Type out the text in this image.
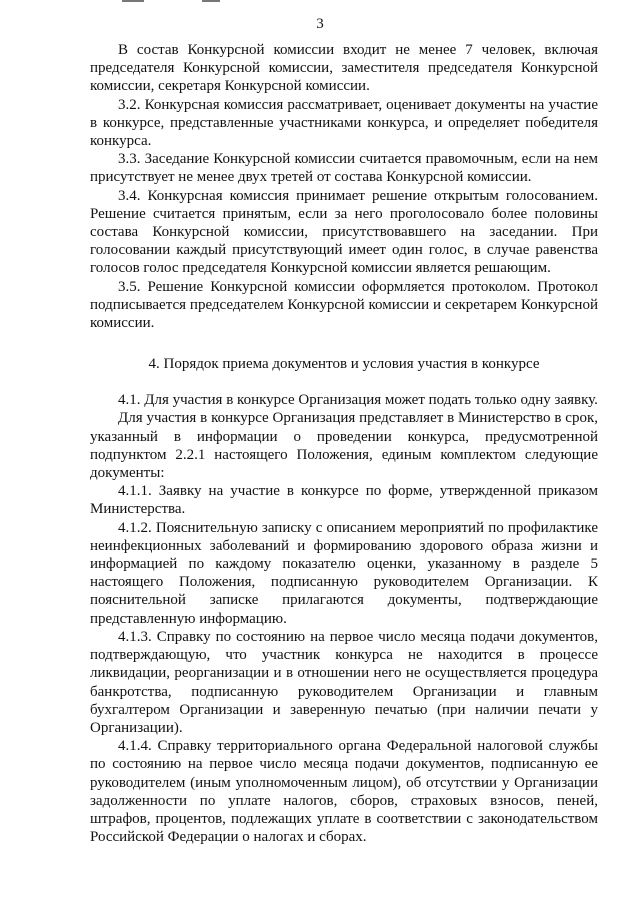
3

В состав Конкурсной комиссии входит не менее 7 человек, включая председателя Конкурсной комиссии, заместителя председателя Конкурсной комиссии, секретаря Конкурсной комиссии.

3.2. Конкурсная комиссия рассматривает, оценивает документы на участие в конкурсе, представленные участниками конкурса, и определяет победителя конкурса.

3.3. Заседание Конкурсной комиссии считается правомочным, если на нем присутствует не менее двух третей от состава Конкурсной комиссии.

3.4. Конкурсная комиссия принимает решение открытым голосованием. Решение считается принятым, если за него проголосовало более половины состава Конкурсной комиссии, присутствовавшего на заседании. При голосовании каждый присутствующий имеет один голос, в случае равенства голосов голос председателя Конкурсной комиссии является решающим.

3.5. Решение Конкурсной комиссии оформляется протоколом. Протокол подписывается председателем Конкурсной комиссии и секретарем Конкурсной комиссии.

4. Порядок приема документов и условия участия в конкурсе

4.1. Для участия в конкурсе Организация может подать только одну заявку.

Для участия в конкурсе Организация представляет в Министерство в срок, указанный в информации о проведении конкурса, предусмотренной подпунктом 2.2.1 настоящего Положения, единым комплектом следующие документы:

4.1.1. Заявку на участие в конкурсе по форме, утвержденной приказом Министерства.

4.1.2. Пояснительную записку с описанием мероприятий по профилактике неинфекционных заболеваний и формированию здорового образа жизни и информацией по каждому показателю оценки, указанному в разделе 5 настоящего Положения, подписанную руководителем Организации. К пояснительной записке прилагаются документы, подтверждающие представленную информацию.

4.1.3. Справку по состоянию на первое число месяца подачи документов, подтверждающую, что участник конкурса не находится в процессе ликвидации, реорганизации и в отношении него не осуществляется процедура банкротства, подписанную руководителем Организации и главным бухгалтером Организации и заверенную печатью (при наличии печати у Организации).

4.1.4. Справку территориального органа Федеральной налоговой службы по состоянию на первое число месяца подачи документов, подписанную ее руководителем (иным уполномоченным лицом), об отсутствии у Организации задолженности по уплате налогов, сборов, страховых взносов, пеней, штрафов, процентов, подлежащих уплате в соответствии с законодательством Российской Федерации о налогах и сборах.
